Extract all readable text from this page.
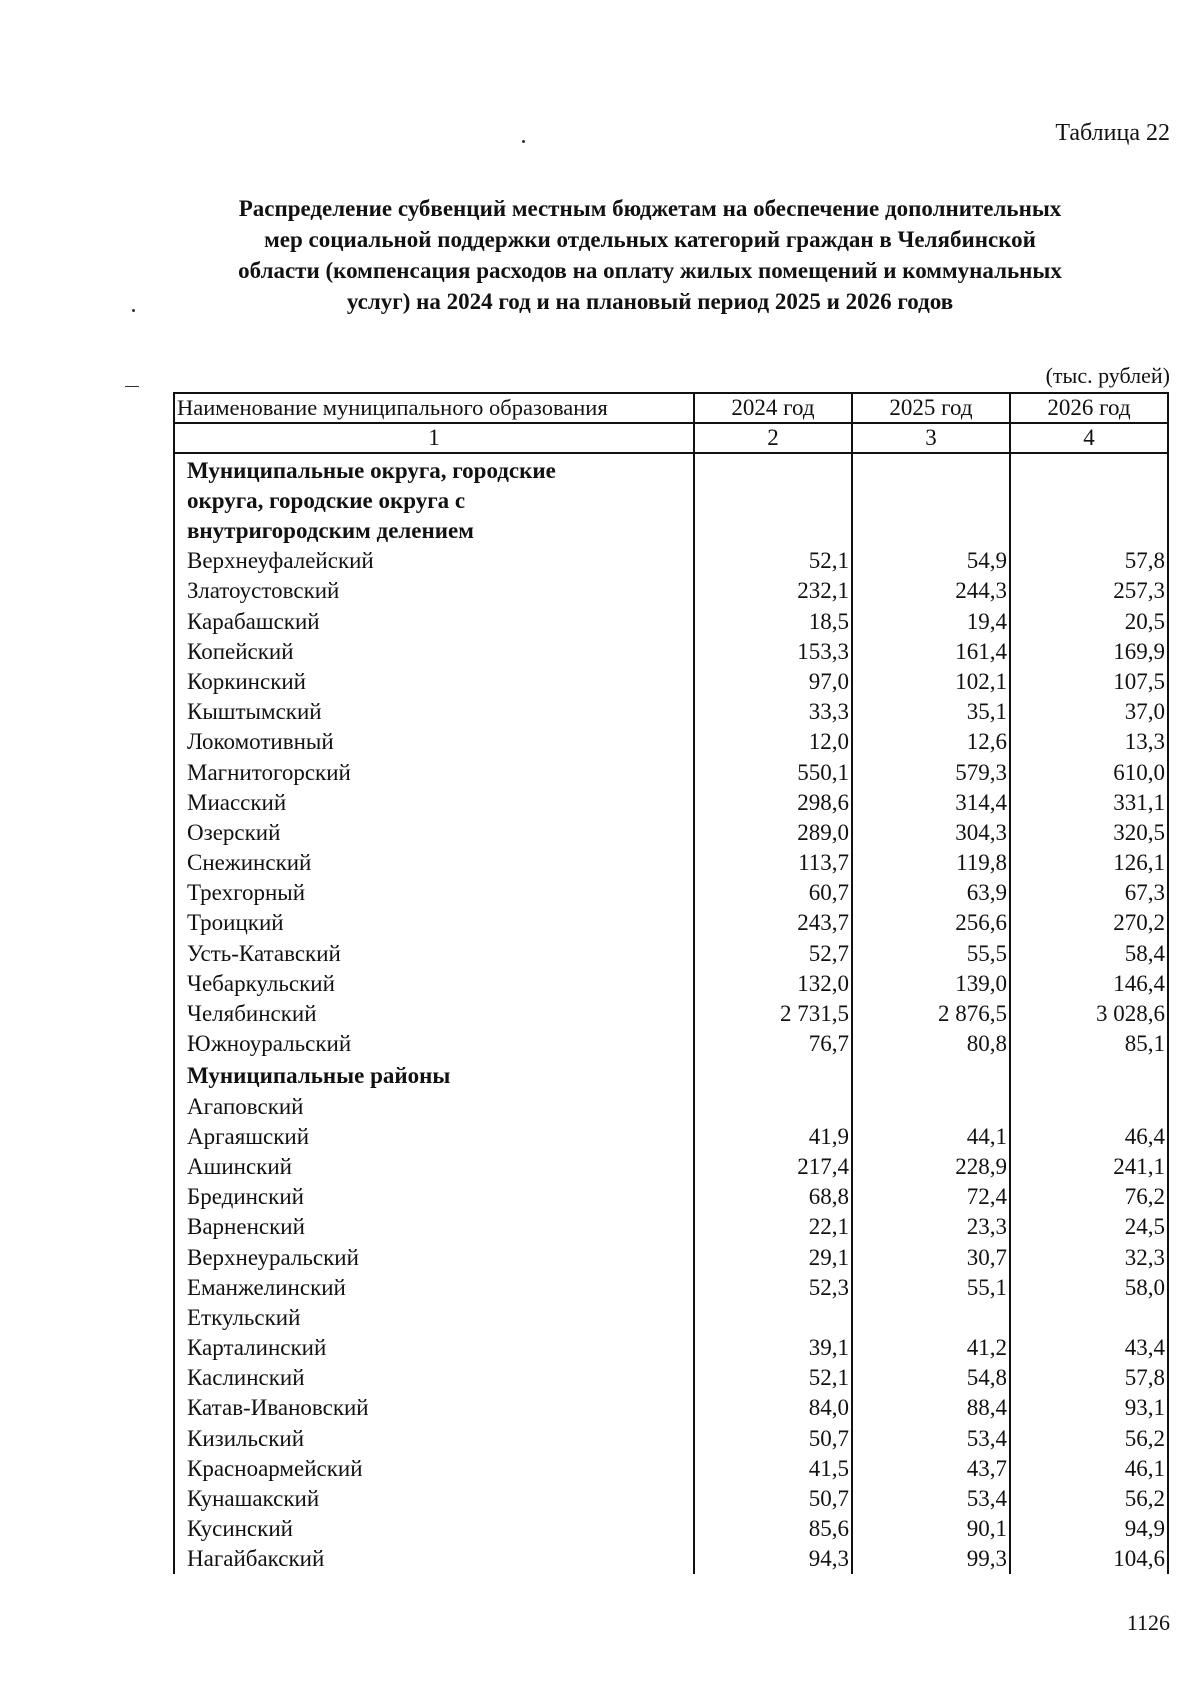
Таблица 22
Распределение субвенций местным бюджетам на обеспечение дополнительных
мер социальной поддержки отдельных категорий граждан в Челябинской
области (компенсация расходов на оплату жилых помещений и коммунальных
услуг) на 2024 год и на плановый период 2025 и 2026 годов
(тыс. рублей)
Наименование муниципального образования	2024 год	2025 год	2026 год
1	2	3	4

Муниципальные округа, городские
округа, городские округа с
внутригородским делением			

Верхнеуфалейский	52,1	54,9	57,8
Златоустовский	232,1	244,3	257,3
Карабашский	18,5	19,4	20,5
Копейский	153,3	161,4	169,9
Коркинский	97,0	102,1	107,5
Кыштымский	33,3	35,1	37,0
Локомотивный	12,0	12,6	13,3
Магнитогорский	550,1	579,3	610,0
Миасский	298,6	314,4	331,1
Озерский	289,0	304,3	320,5
Снежинский	113,7	119,8	126,1
Трехгорный	60,7	63,9	67,3
Троицкий	243,7	256,6	270,2
Усть-Катавский	52,7	55,5	58,4
Чебаркульский	132,0	139,0	146,4
Челябинский	2 731,5	2 876,5	3 028,6
Южноуральский	76,7	80,8	85,1

Муниципальные районы			

Агаповский			
Аргаяшский	41,9	44,1	46,4
Ашинский	217,4	228,9	241,1
Брединский	68,8	72,4	76,2
Варненский	22,1	23,3	24,5
Верхнеуральский	29,1	30,7	32,3
Еманжелинский	52,3	55,1	58,0
Еткульский			
Карталинский	39,1	41,2	43,4
Каслинский	52,1	54,8	57,8
Катав-Ивановский	84,0	88,4	93,1
Кизильский	50,7	53,4	56,2
Красноармейский	41,5	43,7	46,1
Кунашакский	50,7	53,4	56,2
Кусинский	85,6	90,1	94,9
Нагайбакский	94,3	99,3	104,6
1126
